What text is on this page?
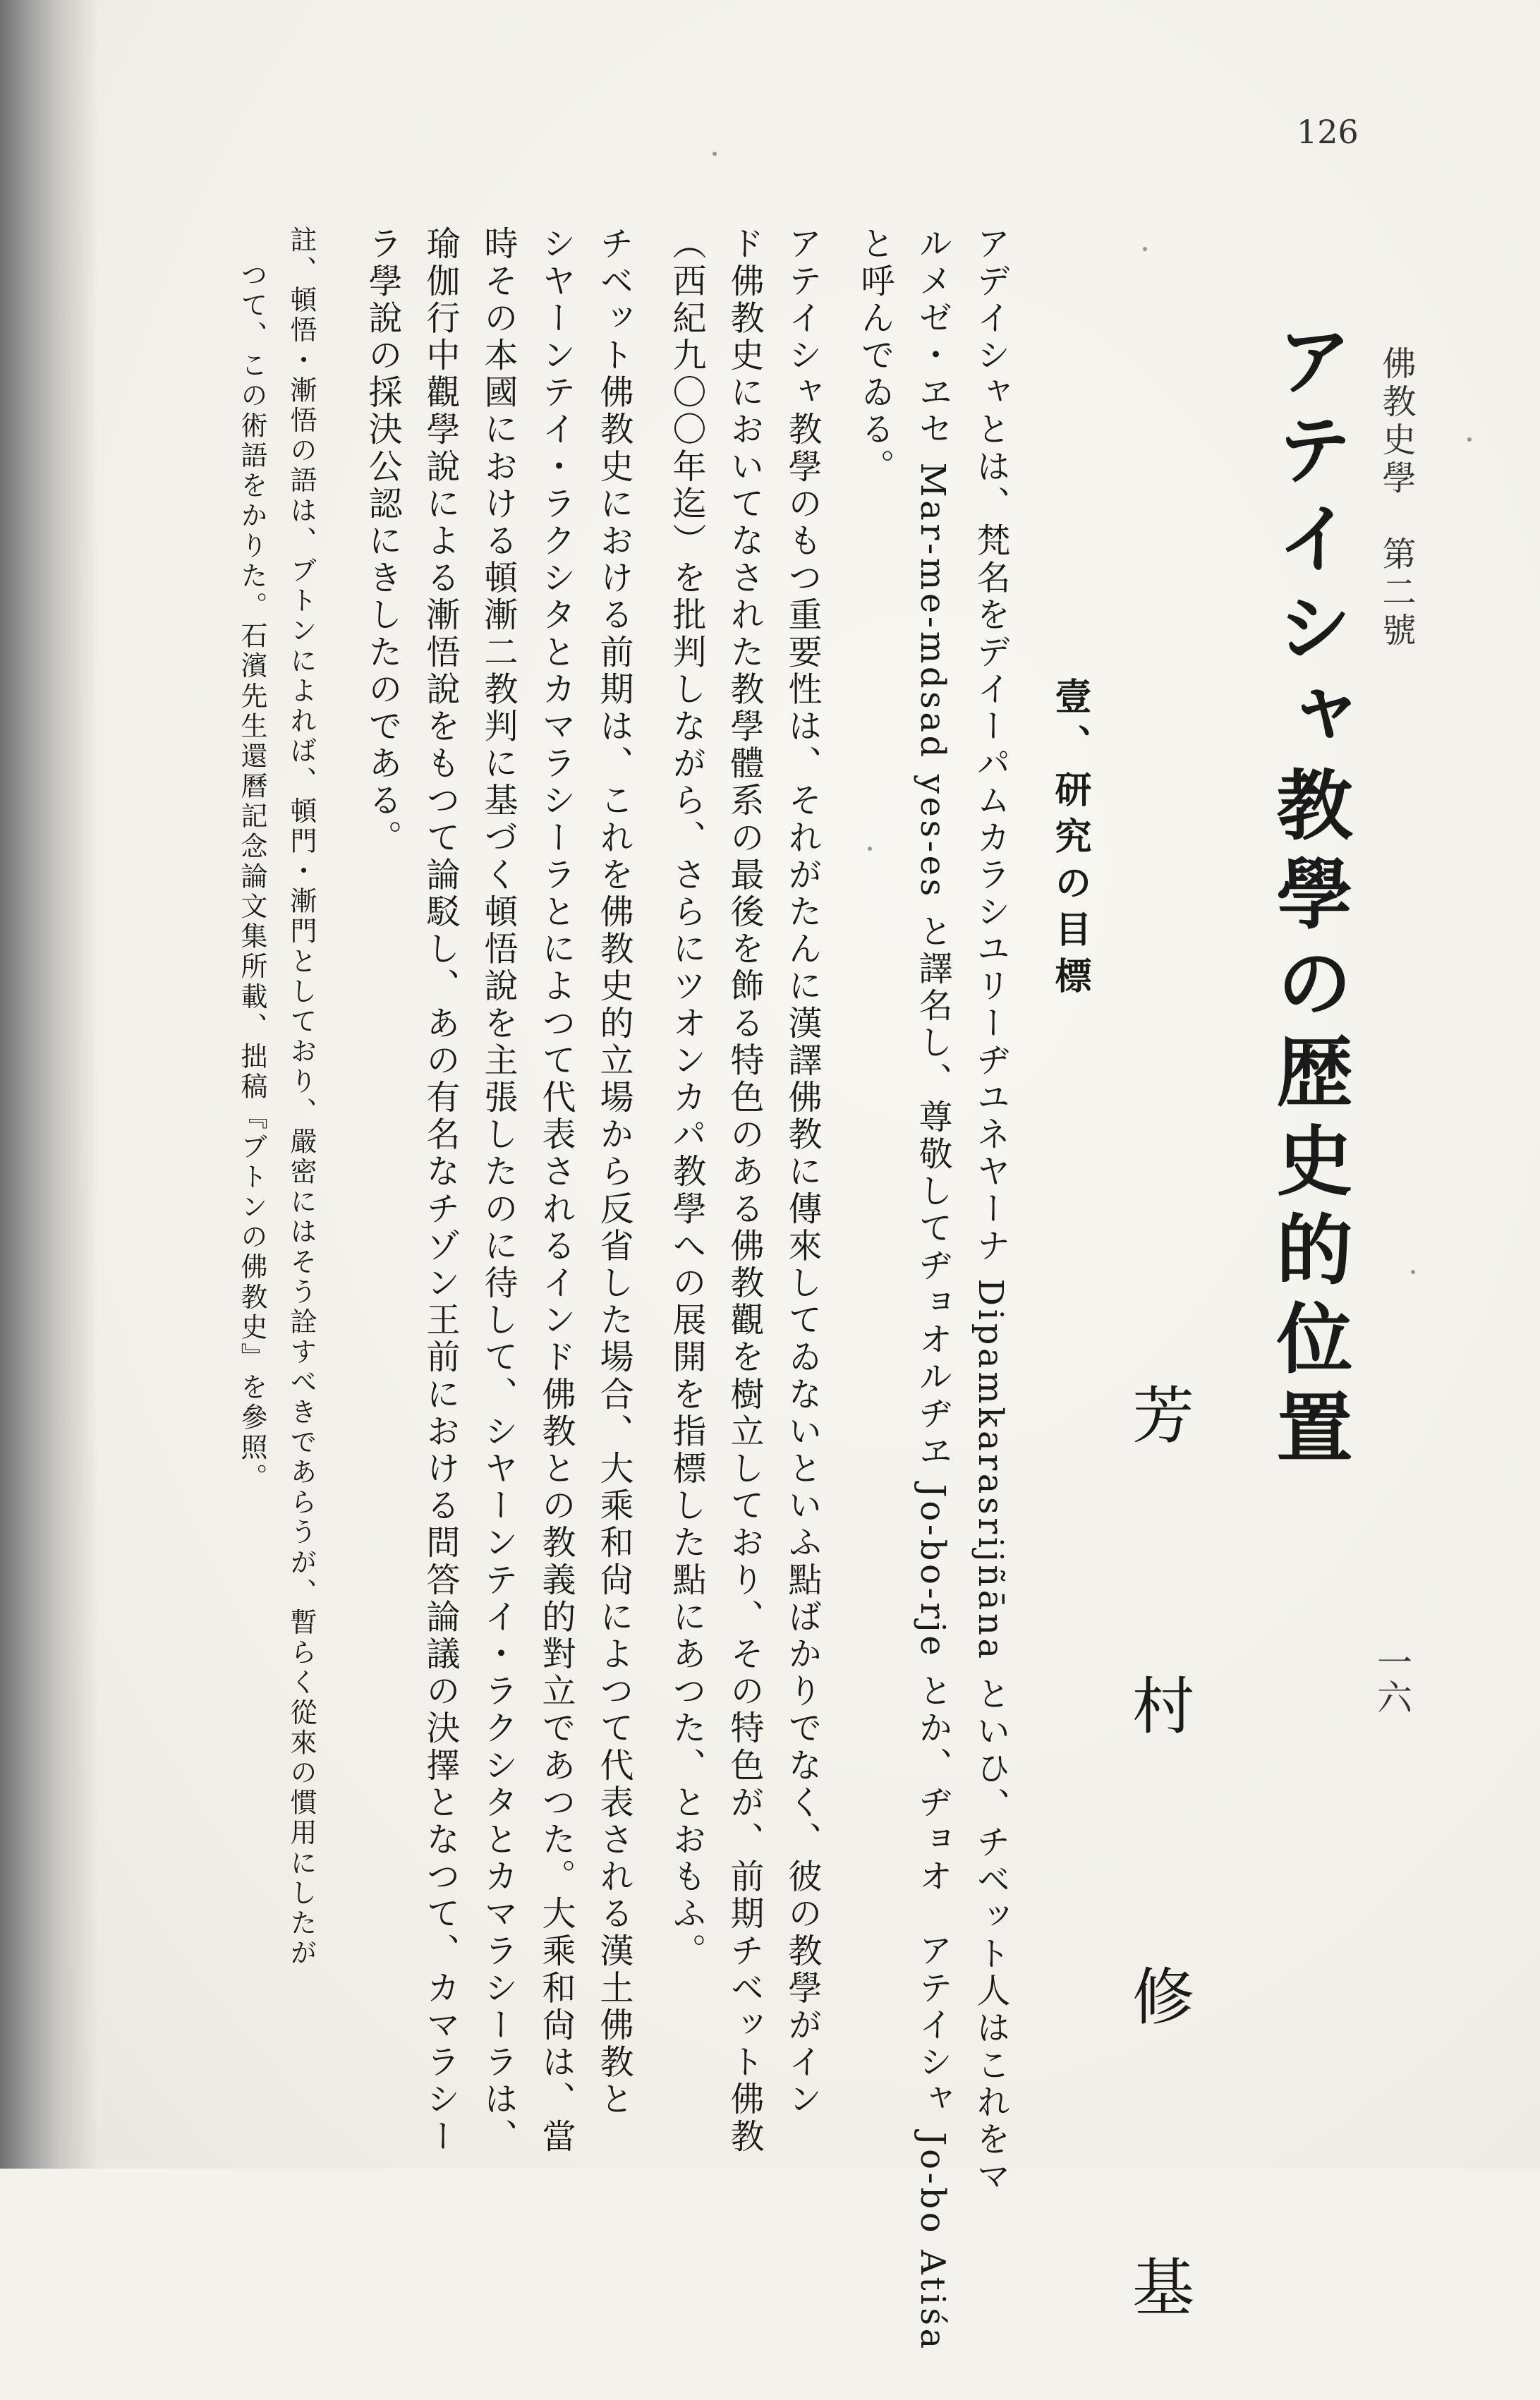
126
佛教史學　第二號
アテイシャ教學の歴史的位置
芳　村　修　基	一六
壹、研究の目標
アデイシャとは、梵名をデイーパムカラシユリーヂユネヤーナ Dipamkarasrijñāna といひ、チベット人はこれをマ
ルメゼ・ヱセ Mar-me-mdsad yes-es と譯名し、尊敬してヂョオルヂヱ Jo-bo-rje とか、ヂョオ　アテイシャ Jo-bo Atiśa
と呼んでゐる。
アテイシャ教學のもつ重要性は、それがたんに漢譯佛教に傳來してゐないといふ點ばかりでなく、彼の教學がイン
ド佛教史においてなされた教學體系の最後を飾る特色のある佛教觀を樹立しており、その特色が、前期チベット佛教
（西紀九〇〇年迄）を批判しながら、さらにツオンカパ教學への展開を指標した點にあつた、とおもふ。
チベット佛教史における前期は、これを佛教史的立場から反省した場合、大乘和尙によつて代表される漢土佛教と
シヤーンテイ・ラクシタとカマラシーラとによつて代表されるインド佛教との教義的對立であつた。大乘和尙は、當
時その本國における頓漸二教判に基づく頓悟說を主張したのに待して、シヤーンテイ・ラクシタとカマラシーラは、
瑜伽行中觀學說による漸悟說をもつて論駁し、あの有名なチゾン王前における問答論議の決擇となつて、カマラシー
ラ學說の採決公認にきしたのである。
註、頓悟・漸悟の語は、ブトンによれば、頓門・漸門としており、嚴密にはそう詮すべきであらうが、暫らく從來の慣用にしたが
つて、この術語をかりた。石濱先生還曆記念論文集所載、拙稿『ブトンの佛教史』を參照。
